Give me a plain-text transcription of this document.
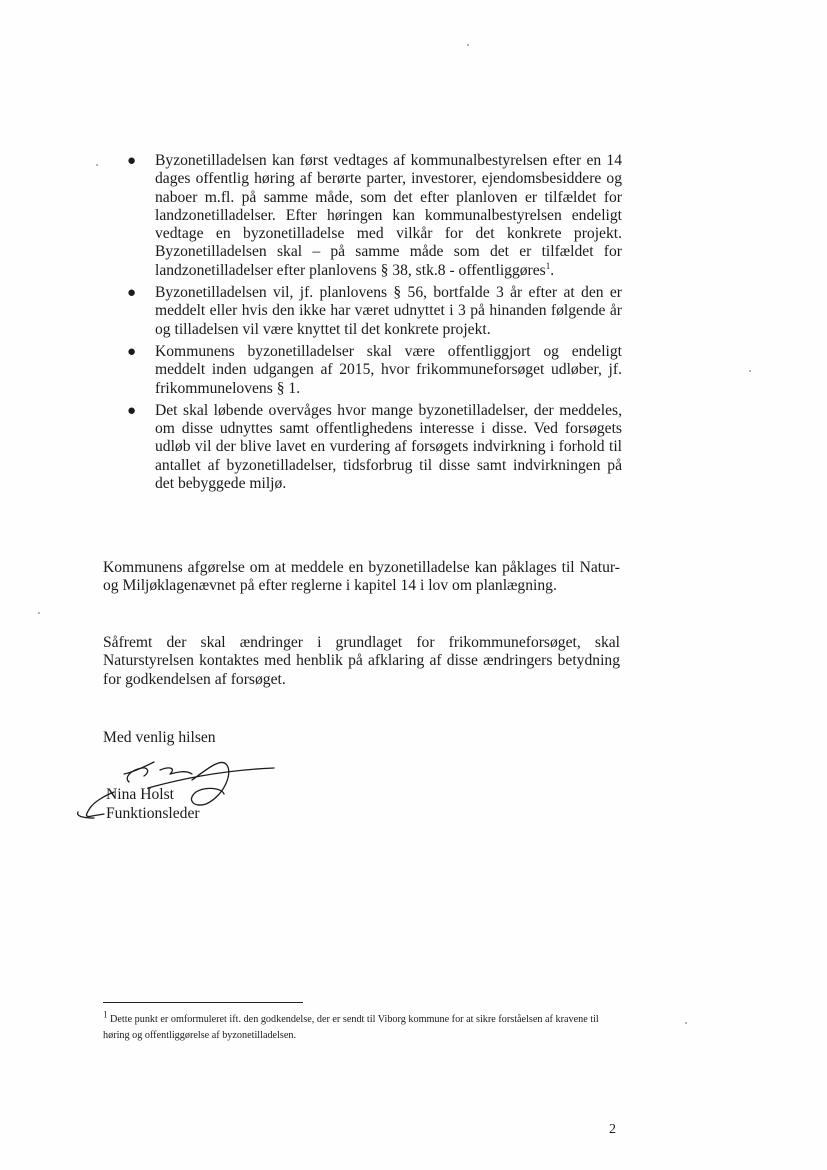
● Byzonetilladelsen kan først vedtages af kommunalbestyrelsen efter en 14 dages offentlig høring af berørte parter, investorer, ejendomsbesiddere og naboer m.fl. på samme måde, som det efter planloven er tilfældet for landzonetilladelser. Efter høringen kan kommunalbestyrelsen endeligt vedtage en byzonetilladelse med vilkår for det konkrete projekt. Byzonetilladelsen skal – på samme måde som det er tilfældet for landzonetilladelser efter planlovens § 38, stk.8 - offentliggøres$^1$.
● Byzonetilladelsen vil, jf. planlovens § 56, bortfalde 3 år efter at den er meddelt eller hvis den ikke har været udnyttet i 3 på hinanden følgende år og tilladelsen vil være knyttet til det konkrete projekt.
● Kommunens byzonetilladelser skal være offentliggjort og endeligt meddelt inden udgangen af 2015, hvor frikommuneforsøget udløber, jf. frikommunelovens § 1.
● Det skal løbende overvåges hvor mange byzonetilladelser, der meddeles, om disse udnyttes samt offentlighedens interesse i disse. Ved forsøgets udløb vil der blive lavet en vurdering af forsøgets indvirkning i forhold til antallet af byzonetilladelser, tidsforbrug til disse samt indvirkningen på det bebyggede miljø.

Kommunens afgørelse om at meddele en byzonetilladelse kan påklages til Natur- og Miljøklagenævnet på efter reglerne i kapitel 14 i lov om planlægning.

Såfremt der skal ændringer i grundlaget for frikommuneforsøget, skal Naturstyrelsen kontaktes med henblik på afklaring af disse ændringers betydning for godkendelsen af forsøget.

Med venlig hilsen

Nina Holst

Funktionsleder

$^1$ Dette punkt er omformuleret ift. den godkendelse, der er sendt til Viborg kommune for at sikre forståelsen af kravene til høring og offentliggørelse af byzonetilladelsen.

2
